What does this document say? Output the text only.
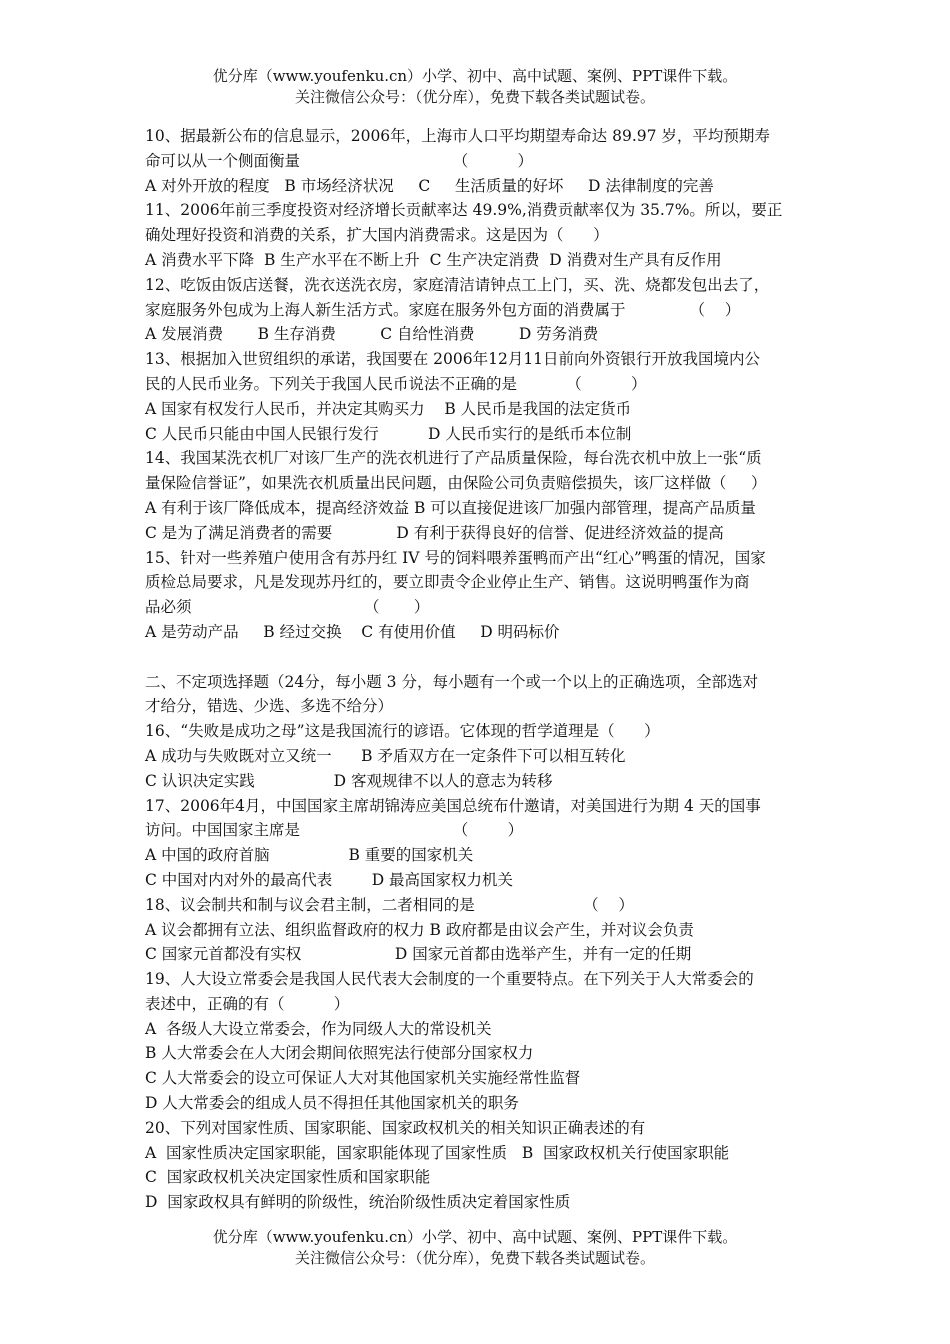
优分库（www.youfenku.cn）小学、初中、高中试题、案例、PPT课件下载。
关注微信公众号：（优分库），免费下载各类试题试卷。
10、据最新公布的信息显示，2006年，上海市人口平均期望寿命达 89.97 岁，平均预期寿
命可以从一个侧面衡量                               （          ）
A 对外开放的程度   B 市场经济状况     C     生活质量的好坏     D 法律制度的完善
11、2006年前三季度投资对经济增长贡献率达 49.9%,消费贡献率仅为 35.7%。所以，要正
确处理好投资和消费的关系，扩大国内消费需求。这是因为（      ）
A 消费水平下降  B 生产水平在不断上升  C 生产决定消费  D 消费对生产具有反作用
12、吃饭由饭店送餐，洗衣送洗衣房，家庭清洁请钟点工上门，买、洗、烧都发包出去了，
家庭服务外包成为上海人新生活方式。家庭在服务外包方面的消费属于             （    ）
A 发展消费       B 生存消费         C 自给性消费         D 劳务消费
13、根据加入世贸组织的承诺，我国要在 2006年12月11日前向外资银行开放我国境内公
民的人民币业务。下列关于我国人民币说法不正确的是          （          ）
A 国家有权发行人民币，并决定其购买力    B 人民币是我国的法定货币
C 人民币只能由中国人民银行发行          D 人民币实行的是纸币本位制
14、我国某洗衣机厂对该厂生产的洗衣机进行了产品质量保险，每台洗衣机中放上一张“质
量保险信誉证”，如果洗衣机质量出民问题，由保险公司负责赔偿损失，该厂这样做（     ）
A 有利于该厂降低成本，提高经济效益 B 可以直接促进该厂加强内部管理，提高产品质量
C 是为了满足消费者的需要             D 有利于获得良好的信誉、促进经济效益的提高
15、针对一些养殖户使用含有苏丹红 IV 号的饲料喂养蛋鸭而产出“红心”鸭蛋的情况，国家
质检总局要求，凡是发现苏丹红的，要立即责令企业停止生产、销售。这说明鸭蛋作为商
品必须                                   （       ）
A 是劳动产品     B 经过交换    C 有使用价值     D 明码标价
二、不定项选择题（24分，每小题 3 分，每小题有一个或一个以上的正确选项，全部选对
才给分，错选、少选、多选不给分）
16、“失败是成功之母”这是我国流行的谚语。它体现的哲学道理是（      ）
A 成功与失败既对立又统一      B 矛盾双方在一定条件下可以相互转化
C 认识决定实践                D 客观规律不以人的意志为转移
17、2006年4月，中国国家主席胡锦涛应美国总统布什邀请，对美国进行为期 4 天的国事
访问。中国国家主席是                               （        ）
A 中国的政府首脑                B 重要的国家机关
C 中国对内对外的最高代表        D 最高国家权力机关
18、议会制共和制与议会君主制，二者相同的是                      （    ）
A 议会都拥有立法、组织监督政府的权力 B 政府都是由议会产生，并对议会负责
C 国家元首都没有实权                   D 国家元首都由选举产生，并有一定的任期
19、人大设立常委会是我国人民代表大会制度的一个重要特点。在下列关于人大常委会的
表述中，正确的有（          ）
A  各级人大设立常委会，作为同级人大的常设机关
B 人大常委会在人大闭会期间依照宪法行使部分国家权力
C 人大常委会的设立可保证人大对其他国家机关实施经常性监督
D 人大常委会的组成人员不得担任其他国家机关的职务
20、下列对国家性质、国家职能、国家政权机关的相关知识正确表述的有
A  国家性质决定国家职能，国家职能体现了国家性质   B  国家政权机关行使国家职能
C  国家政权机关决定国家性质和国家职能
D  国家政权具有鲜明的阶级性，统治阶级性质决定着国家性质
优分库（www.youfenku.cn）小学、初中、高中试题、案例、PPT课件下载。
关注微信公众号：（优分库），免费下载各类试题试卷。
